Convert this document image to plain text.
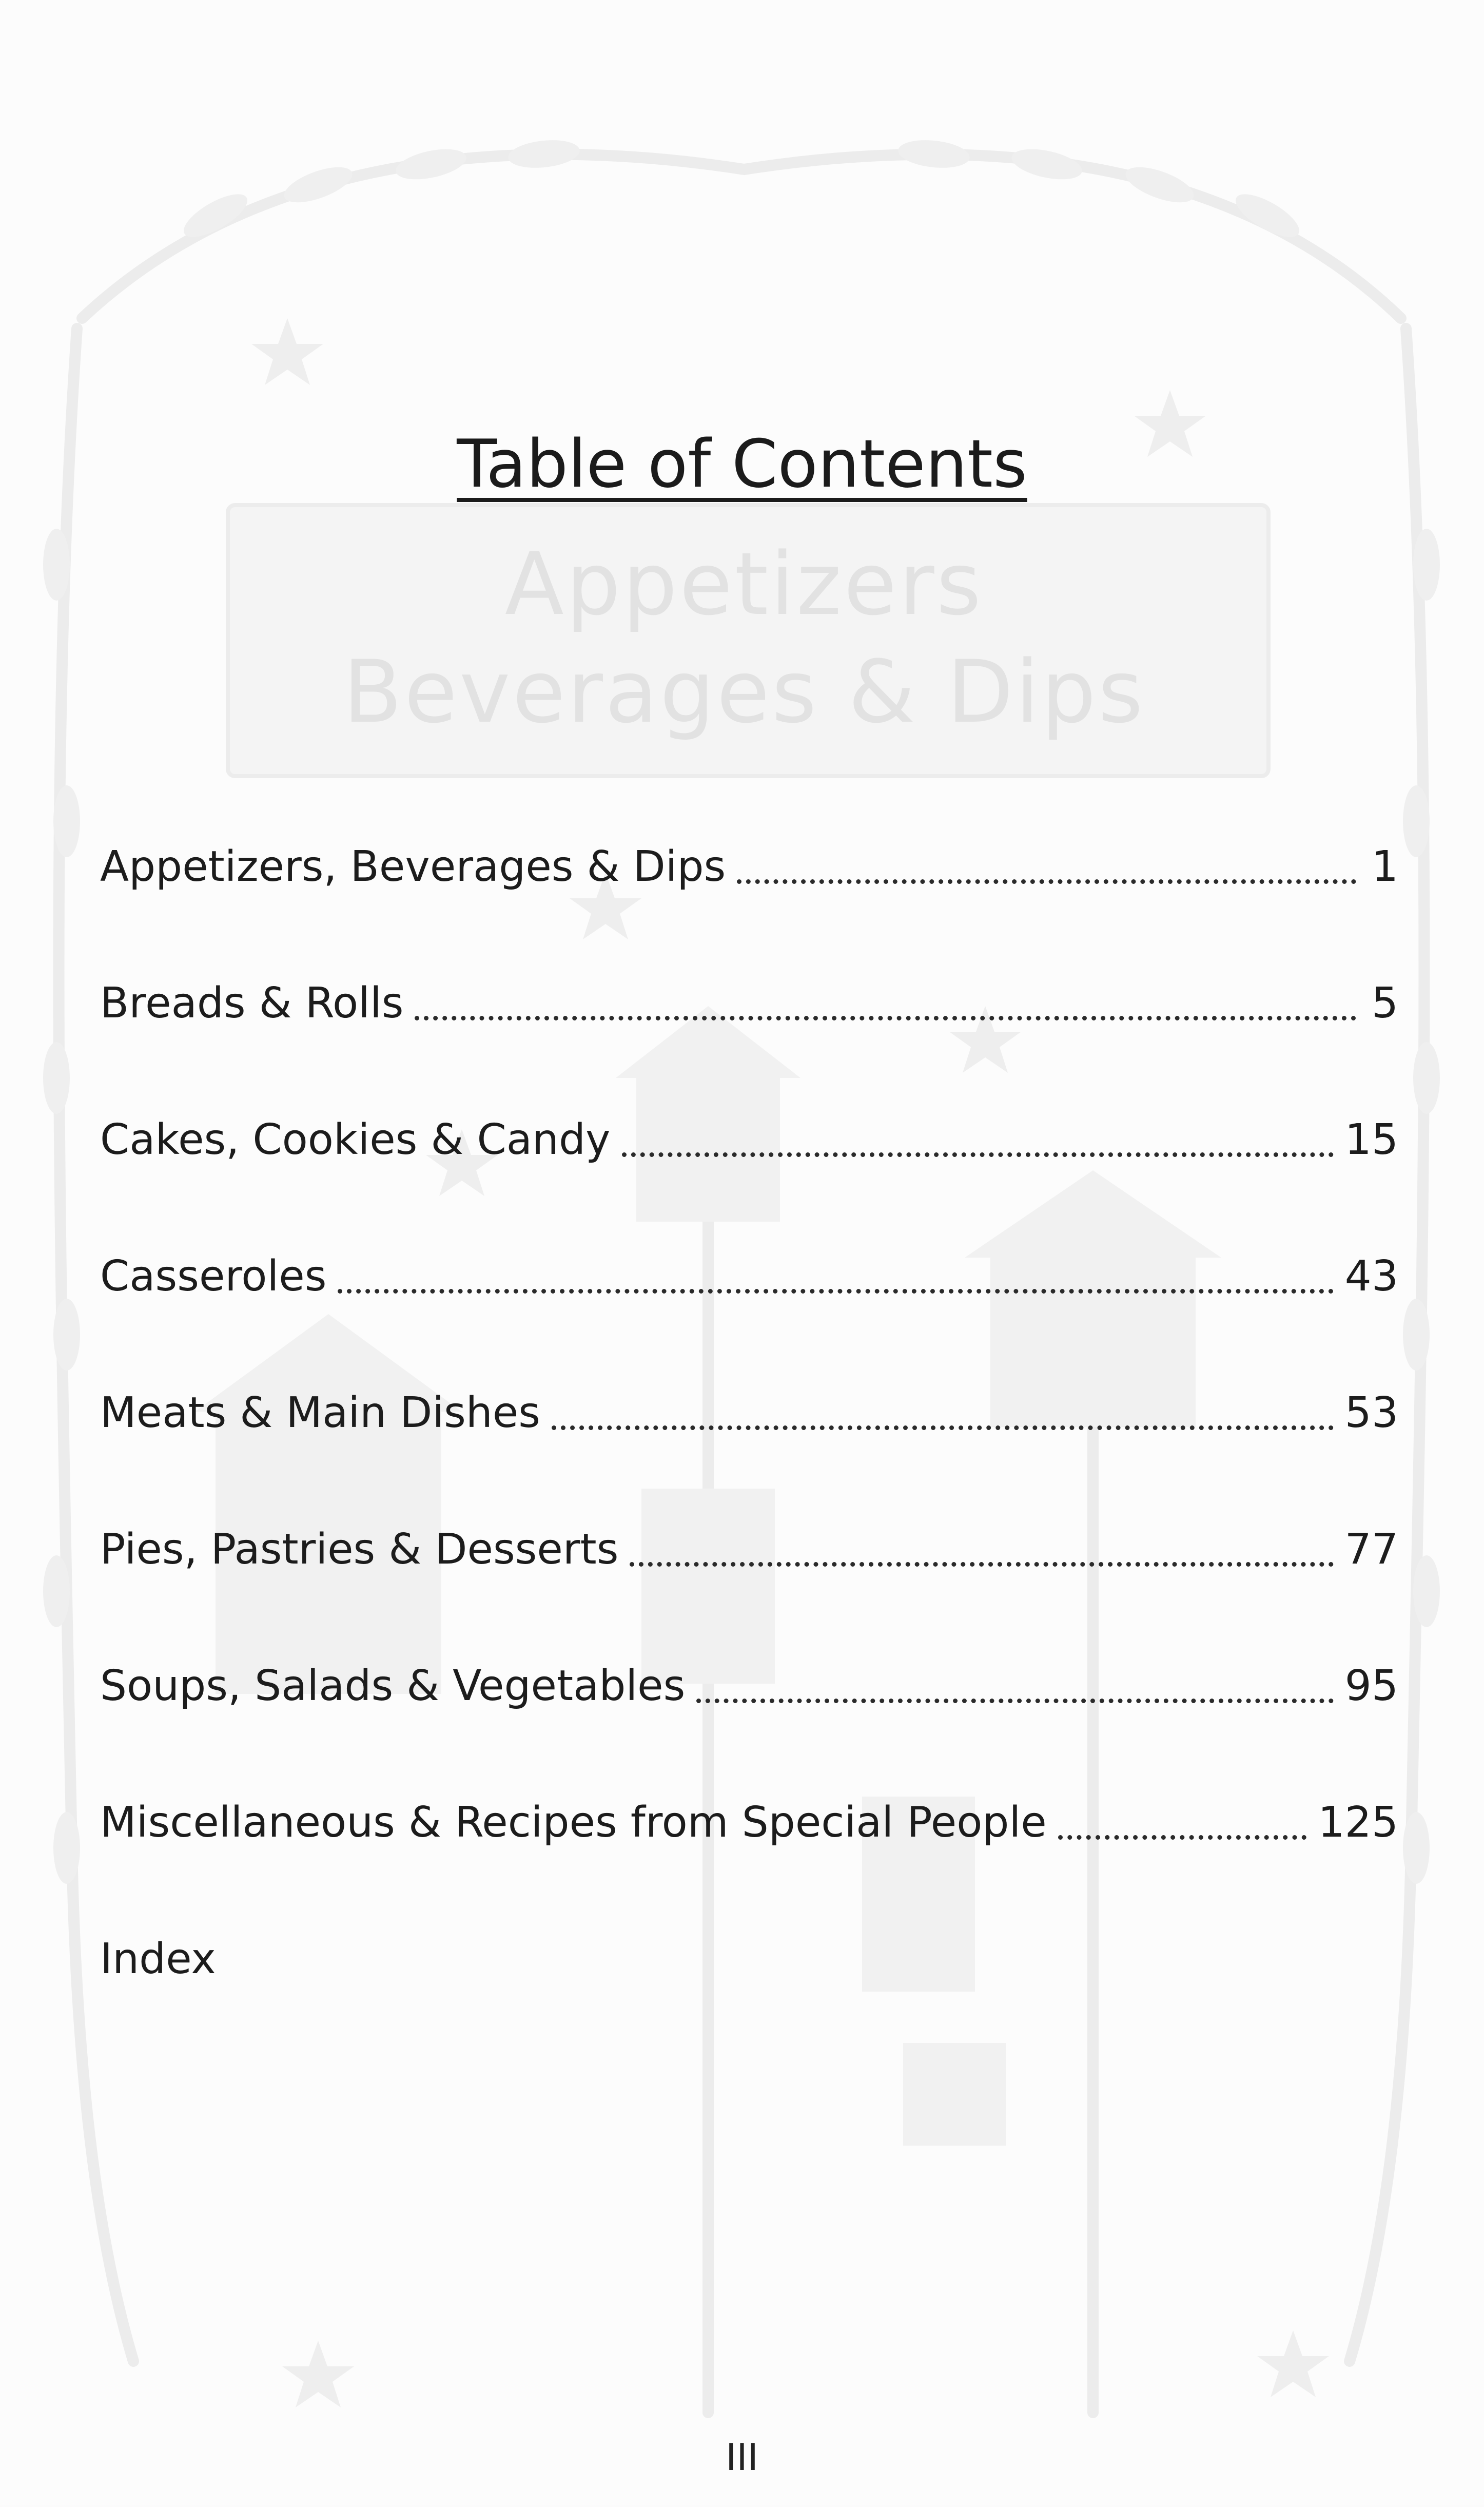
Appetizers
Beverages & Dips
Table of Contents
Appetizers, Beverages & Dips	1
Breads & Rolls	5
Cakes, Cookies & Candy	15
Casseroles	43
Meats & Main Dishes	53
Pies, Pastries & Desserts	77
Soups, Salads & Vegetables	95
Miscellaneous & Recipes from Special People	125
Index
III
